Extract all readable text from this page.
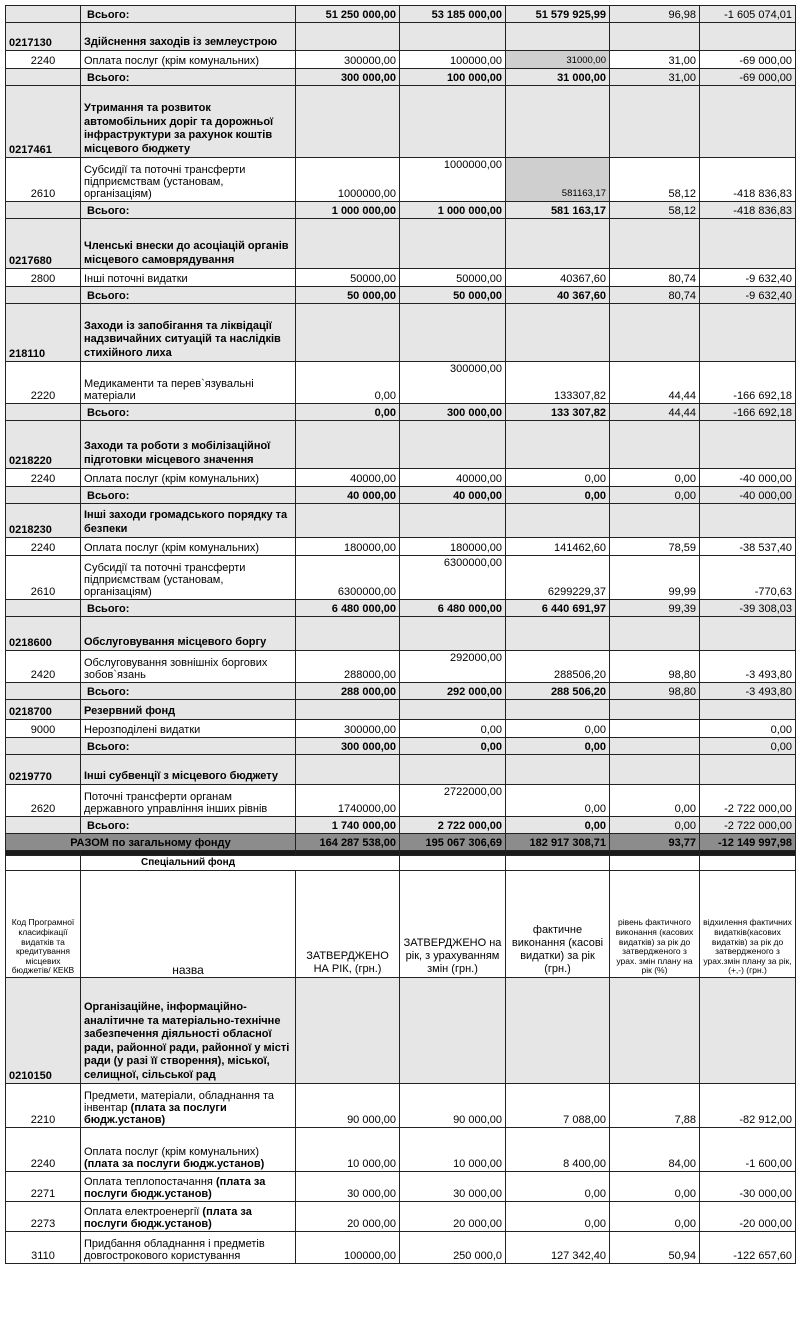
	Всього:	51 250 000,00	53 185 000,00	51 579 925,99	96,98	-1 605 074,01
0217130	Здійснення заходів із землеустрою					
2240	Оплата послуг (крім комунальних)	300000,00	100000,00	31000,00	31,00	-69 000,00
	Всього:	300 000,00	100 000,00	31 000,00	31,00	-69 000,00
0217461	Утримання та розвиток автомобільних доріг та дорожньої інфраструктури за рахунок коштів місцевого бюджету					
2610	Субсидії та поточні трансферти підприємствам (установам, організаціям)	1000000,00	1000000,00	581163,17	58,12	-418 836,83
	Всього:	1 000 000,00	1 000 000,00	581 163,17	58,12	-418 836,83
0217680	Членські внески до асоціацій органів місцевого самоврядування					
2800	Інші поточні видатки	50000,00	50000,00	40367,60	80,74	-9 632,40
	Всього:	50 000,00	50 000,00	40 367,60	80,74	-9 632,40
218110	Заходи із запобігання та ліквідації надзвичайних ситуацій та наслідків стихійного лиха					
2220	Медикаменти та перев`язувальні матеріали	0,00	300000,00	133307,82	44,44	-166 692,18
	Всього:	0,00	300 000,00	133 307,82	44,44	-166 692,18
0218220	Заходи та роботи з мобілізаційної підготовки місцевого значення					
2240	Оплата послуг (крім комунальних)	40000,00	40000,00	0,00	0,00	-40 000,00
	Всього:	40 000,00	40 000,00	0,00	0,00	-40 000,00
0218230	Інші заходи громадського порядку та безпеки					
2240	Оплата послуг (крім комунальних)	180000,00	180000,00	141462,60	78,59	-38 537,40
2610	Субсидії та поточні трансферти підприємствам (установам, організаціям)	6300000,00	6300000,00	6299229,37	99,99	-770,63
	Всього:	6 480 000,00	6 480 000,00	6 440 691,97	99,39	-39 308,03
0218600	Обслуговування місцевого боргу					
2420	Обслуговування зовнішніх боргових зобов`язань	288000,00	292000,00	288506,20	98,80	-3 493,80
	Всього:	288 000,00	292 000,00	288 506,20	98,80	-3 493,80
0218700	Резервний фонд					
9000	Нерозподілені видатки	300000,00	0,00	0,00		0,00
	Всього:	300 000,00	0,00	0,00		0,00
0219770	Інші субвенції з місцевого бюджету					
2620	Поточні трансферти органам державного управління інших рівнів	1740000,00	2722000,00	0,00	0,00	-2 722 000,00
	Всього:	1 740 000,00	2 722 000,00	0,00	0,00	-2 722 000,00
РАЗОМ по загальному фонду		164 287 538,00	195 067 306,69	182 917 308,71	93,77	-12 149 997,98

	Спеціальний фонд					
Код Програмної класифікації видатків та кредитування місцевих бюджетів/ КЕКВ	назва	ЗАТВЕРДЖЕНО НА РІК, (грн.)	ЗАТВЕРДЖЕНО на рік, з урахуванням змін (грн.)	фактичне виконання (касові видатки) за рік (грн.)	рівень фактичного виконання (касових видатків) за рік до затвердженого з урах. змін плану на рік (%)	відхилення фактичних видатків(касових видатків) за рік до затвердженого з урах.змін плану за рік, (+,-) (грн.)
0210150	Організаційне, інформаційно-аналітичне та матеріально-технічне забезпечення діяльності обласної ради, районної ради, районної у місті ради (у разі її створення), міської, селищної, сільської рад					
2210	Предмети, матеріали, обладнання та інвентар (плата за послуги бюдж.установ)	90 000,00	90 000,00	7 088,00	7,88	-82 912,00
2240	Оплата послуг (крім комунальних) (плата за послуги бюдж.установ)	10 000,00	10 000,00	8 400,00	84,00	-1 600,00
2271	Оплата теплопостачання (плата за послуги бюдж.установ)	30 000,00	30 000,00	0,00	0,00	-30 000,00
2273	Оплата електроенергії (плата за послуги бюдж.установ)	20 000,00	20 000,00	0,00	0,00	-20 000,00
3110	Придбання обладнання і предметів довгострокового користування	100000,00	250 000,0	127 342,40	50,94	-122 657,60
